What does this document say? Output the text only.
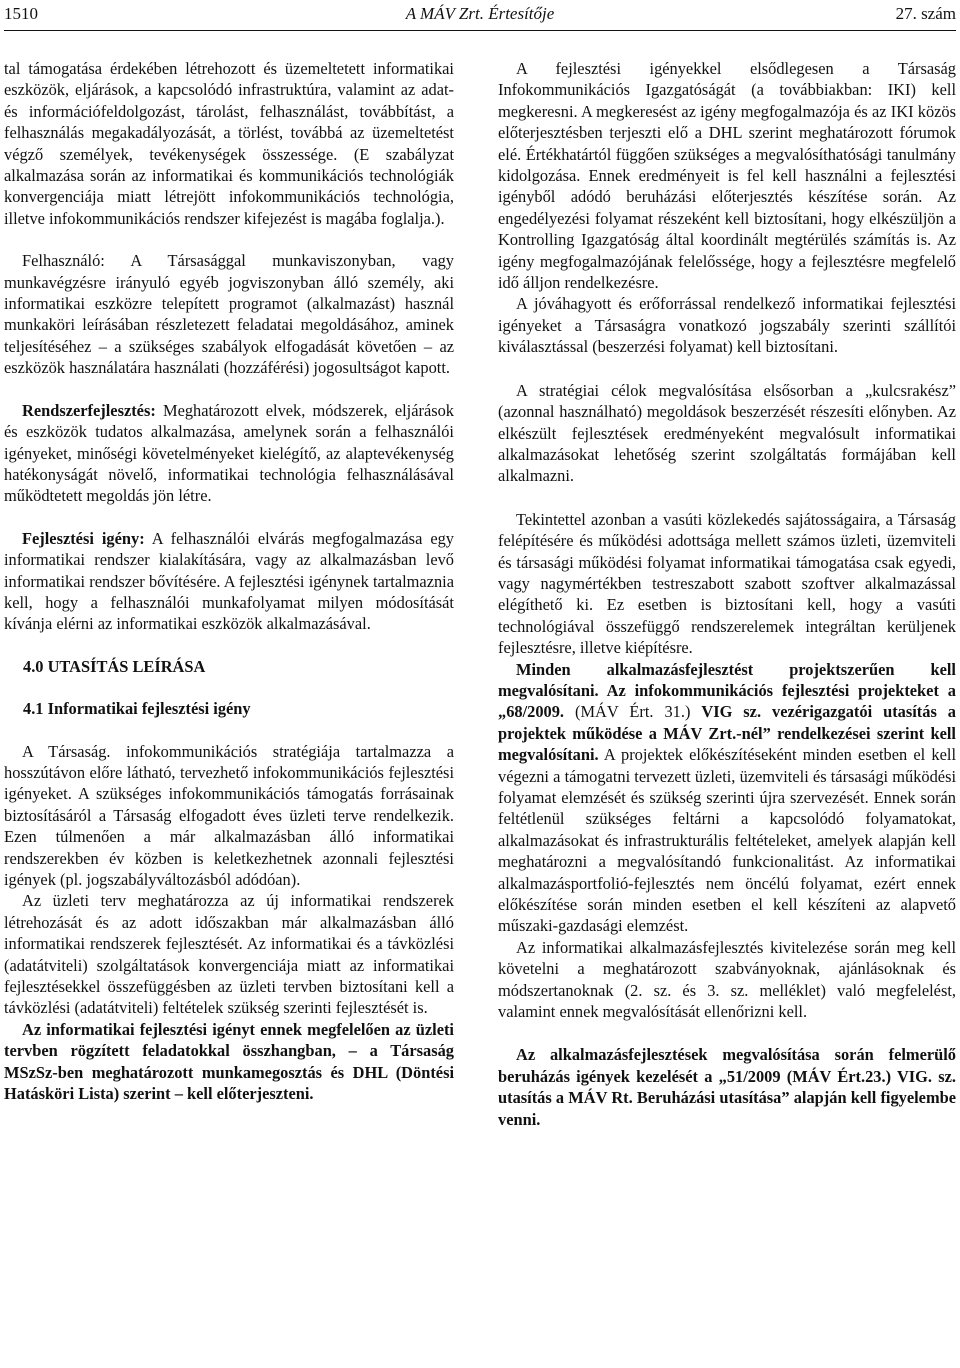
1510	A MÁV Zrt. Értesítője	27. szám

tal támogatása érdekében létrehozott és üzemeltetett informatikai eszközök, eljárások, a kapcsolódó infrastruktúra, valamint az adat- és információfeldolgozást, tárolást, felhasználást, továbbítást, a felhasználás megakadályozását, a törlést, továbbá az üzemeltetést végző személyek, tevékenységek összessége. (E szabályzat alkalmazása során az informatikai és kommunikációs technológiák konvergenciája miatt létrejött infokommunikációs technológia, illetve infokommunikációs rendszer kifejezést is magába foglalja.).

Felhasználó: A Társasággal munkaviszonyban, vagy munkavégzésre irányuló egyéb jogviszonyban álló személy, aki informatikai eszközre telepített programot (alkalmazást) használ munkaköri leírásában részletezett feladatai megoldásához, aminek teljesítéséhez – a szükséges szabályok elfogadását követően – az eszközök használatára használati (hozzáférési) jogosultságot kapott.

Rendszerfejlesztés: Meghatározott elvek, módszerek, eljárások és eszközök tudatos alkalmazása, amelynek során a felhasználói igényeket, minőségi követelményeket kielégítő, az alaptevékenység hatékonyságát növelő, informatikai technológia felhasználásával működtetett megoldás jön létre.

Fejlesztési igény: A felhasználói elvárás megfogalmazása egy informatikai rendszer kialakítására, vagy az alkalmazásban levő informatikai rendszer bővítésére. A fejlesztési igénynek tartalmaznia kell, hogy a felhasználói munkafolyamat milyen módosítását kívánja elérni az informatikai eszközök alkalmazásával.

4.0 UTASÍTÁS LEÍRÁSA

4.1 Informatikai fejlesztési igény

A Társaság. infokommunikációs stratégiája tartalmazza a hosszútávon előre látható, tervezhető infokommunikációs fejlesztési igényeket. A szükséges infokommunikációs támogatás forrásainak biztosításáról a Társaság elfogadott éves üzleti terve rendelkezik. Ezen túlmenően a már alkalmazásban álló informatikai rendszerekben év közben is keletkezhetnek azonnali fejlesztési igények (pl. jogszabályváltozásból adódóan).

Az üzleti terv meghatározza az új informatikai rendszerek létrehozását és az adott időszakban már alkalmazásban álló informatikai rendszerek fejlesztését. Az informatikai és a távközlési (adatátviteli) szolgáltatások konvergenciája miatt az informatikai fejlesztésekkel összefüggésben az üzleti tervben biztosítani kell a távközlési (adatátviteli) feltételek szükség szerinti fejlesztését is.

Az informatikai fejlesztési igényt ennek megfelelően az üzleti tervben rögzített feladatokkal összhangban, – a Társaság MSzSz-ben meghatározott munkamegosztás és DHL (Döntési Hatásköri Lista) szerint – kell előterjeszteni.

A fejlesztési igényekkel elsődlegesen a Társaság Infokommunikációs Igazgatóságát (a továbbiakban: IKI) kell megkeresni. A megkeresést az igény megfogalmazója és az IKI közös előterjesztésben terjeszti elő a DHL szerint meghatározott fórumok elé. Értékhatártól függően szükséges a megvalósíthatósági tanulmány kidolgozása. Ennek eredményeit is fel kell használni a fejlesztési igényből adódó beruházási előterjesztés készítése során. Az engedélyezési folyamat részeként kell biztosítani, hogy elkészüljön a Kontrolling Igazgatóság által koordinált megtérülés számítás is. Az igény megfogalmazójának felelőssége, hogy a fejlesztésre megfelelő idő álljon rendelkezésre.

A jóváhagyott és erőforrással rendelkező informatikai fejlesztési igényeket a Társaságra vonatkozó jogszabály szerinti szállítói kiválasztással (beszerzési folyamat) kell biztosítani.

A stratégiai célok megvalósítása elsősorban a „kulcsrakész” (azonnal használható) megoldások beszerzését részesíti előnyben. Az elkészült fejlesztések eredményeként megvalósult informatikai alkalmazásokat lehetőség szerint szolgáltatás formájában kell alkalmazni.

Tekintettel azonban a vasúti közlekedés sajátosságaira, a Társaság felépítésére és működési adottsága mellett számos üzleti, üzemviteli és társasági működési folyamat informatikai támogatása csak egyedi, vagy nagymértékben testreszabott szabott szoftver alkalmazással elégíthető ki. Ez esetben is biztosítani kell, hogy a vasúti technológiával összefüggő rendszerelemek integráltan kerüljenek fejlesztésre, illetve kiépítésre.

Minden alkalmazásfejlesztést projektszerűen kell megvalósítani. Az infokommunikációs fejlesztési projekteket a „68/2009. (MÁV Ért. 31.) VIG sz. vezérigazgatói utasítás a projektek működése a MÁV Zrt.-nél” rendelkezései szerint kell megvalósítani. A projektek előkészítéseként minden esetben el kell végezni a támogatni tervezett üzleti, üzemviteli és társasági működési folyamat elemzését és szükség szerinti újra szervezését. Ennek során feltétlenül szükséges feltárni a kapcsolódó folyamatokat, alkalmazásokat és infrastrukturális feltételeket, amelyek alapján kell meghatározni a megvalósítandó funkcionalitást. Az informatikai alkalmazásportfolió-fejlesztés nem öncélú folyamat, ezért ennek előkészítése során minden esetben el kell készíteni az alapvető műszaki-gazdasági elemzést.

Az informatikai alkalmazásfejlesztés kivitelezése során meg kell követelni a meghatározott szabványoknak, ajánlásoknak és módszertanoknak (2. sz. és 3. sz. melléklet) való megfelelést, valamint ennek megvalósítását ellenőrizni kell.

Az alkalmazásfejlesztések megvalósítása során felmerülő beruházás igények kezelését a „51/2009 (MÁV Ért.23.) VIG. sz. utasítás a MÁV Rt. Beruházási utasítása” alapján kell figyelembe venni.
